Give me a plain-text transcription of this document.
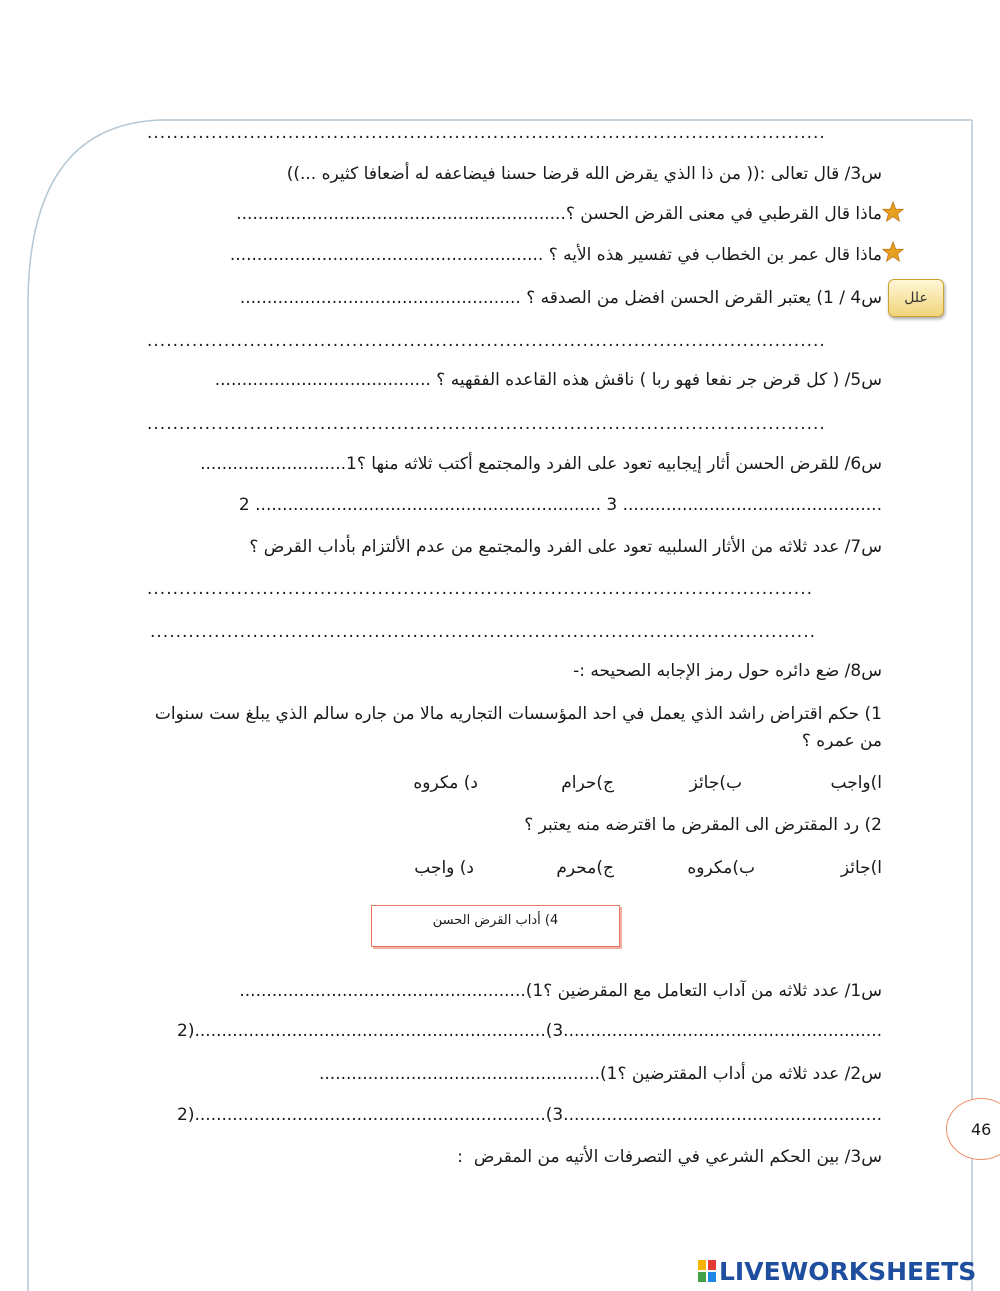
..........................................................................................................
س3/ قال تعالى :(( من ذا الذي يقرض الله قرضا حسنا فيضاعفه له أضعافا كثيره ...))
ماذا قال القرطبي في معنى القرض الحسن ؟.............................................................
ماذا قال عمر بن الخطاب في تفسير هذه الأيه ؟ ..........................................................
علل
س4 / 1) يعتبر القرض الحسن افضل من الصدقه ؟ ....................................................
..........................................................................................................
س5/ ( كل قرض جر نفعا فهو ربا ) ناقش هذه القاعده الفقهيه ؟ ........................................
..........................................................................................................
س6/ للقرض الحسن أثار إيجابيه تعود على الفرد والمجتمع أكتب ثلاثه منها ؟1...........................
2 ................................................................ 3 ................................................
س7/ عدد ثلاثه من الأثار السلبيه تعود على الفرد والمجتمع من عدم الألتزام بأداب القرض ؟
........................................................................................................
........................................................................................................
س8/ ضع دائره حول رمز الإجابه الصحيحه :-
1) حكم اقتراض راشد الذي يعمل في احد المؤسسات التجاريه مالا من جاره سالم الذي يبلغ ست سنوات
من عمره ؟
ا)واجب
ب)جائز
ج)حرام
د) مكروه
2) رد المقترض الى المقرض ما اقترضه منه يعتبر ؟
ا)جائز
ب)مكروه
ج)محرم
د) واجب
4) أداب القرض الحسن
س1/ عدد ثلاثه من آداب التعامل مع المقرضين ؟1).....................................................
2).................................................................(3...........................................................
س2/ عدد ثلاثه من أداب المقترضين ؟1)....................................................
2).................................................................(3...........................................................
س3/ بين الحكم الشرعي في التصرفات الأتيه من المقرض  :
46
LIVEWORKSHEETS
